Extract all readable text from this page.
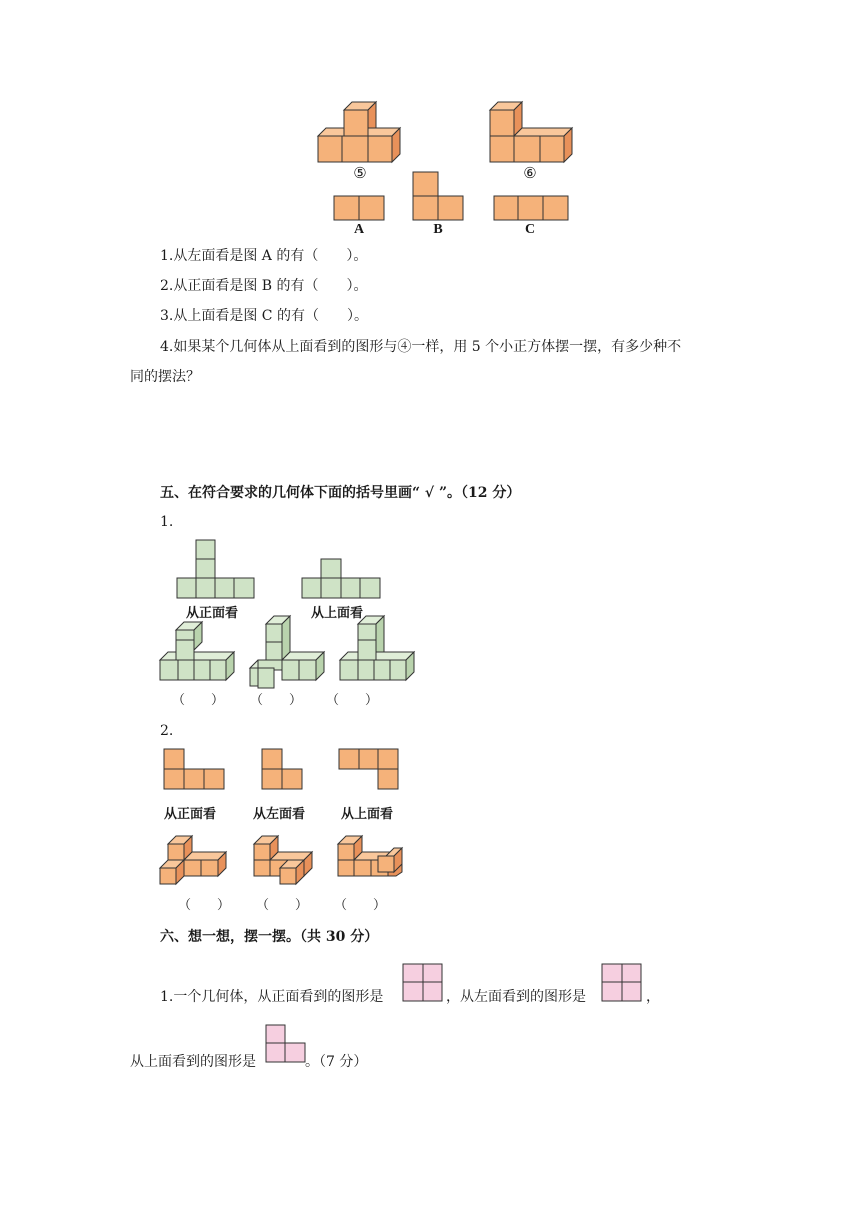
⑤	⑥
A	B	C
1.从左面看是图 A 的有（　　）。
2.从正面看是图 B 的有（　　）。
3.从上面看是图 C 的有（　　）。
4.如果某个几何体从上面看到的图形与④一样，用 5 个小正方体摆一摆，有多少种不
同的摆法？
五、在符合要求的几何体下面的括号里画“ √ ”。（12 分）
1.
从正面看	从上面看
（　　） （　　） （　　）
2.
从正面看	从左面看	从上面看
（　　） （　　） （　　）
六、想一想，摆一摆。（共 30 分）
1.一个几何体，从正面看到的图形是	，从左面看到的图形是	，
从上面看到的图形是	。（7 分）
